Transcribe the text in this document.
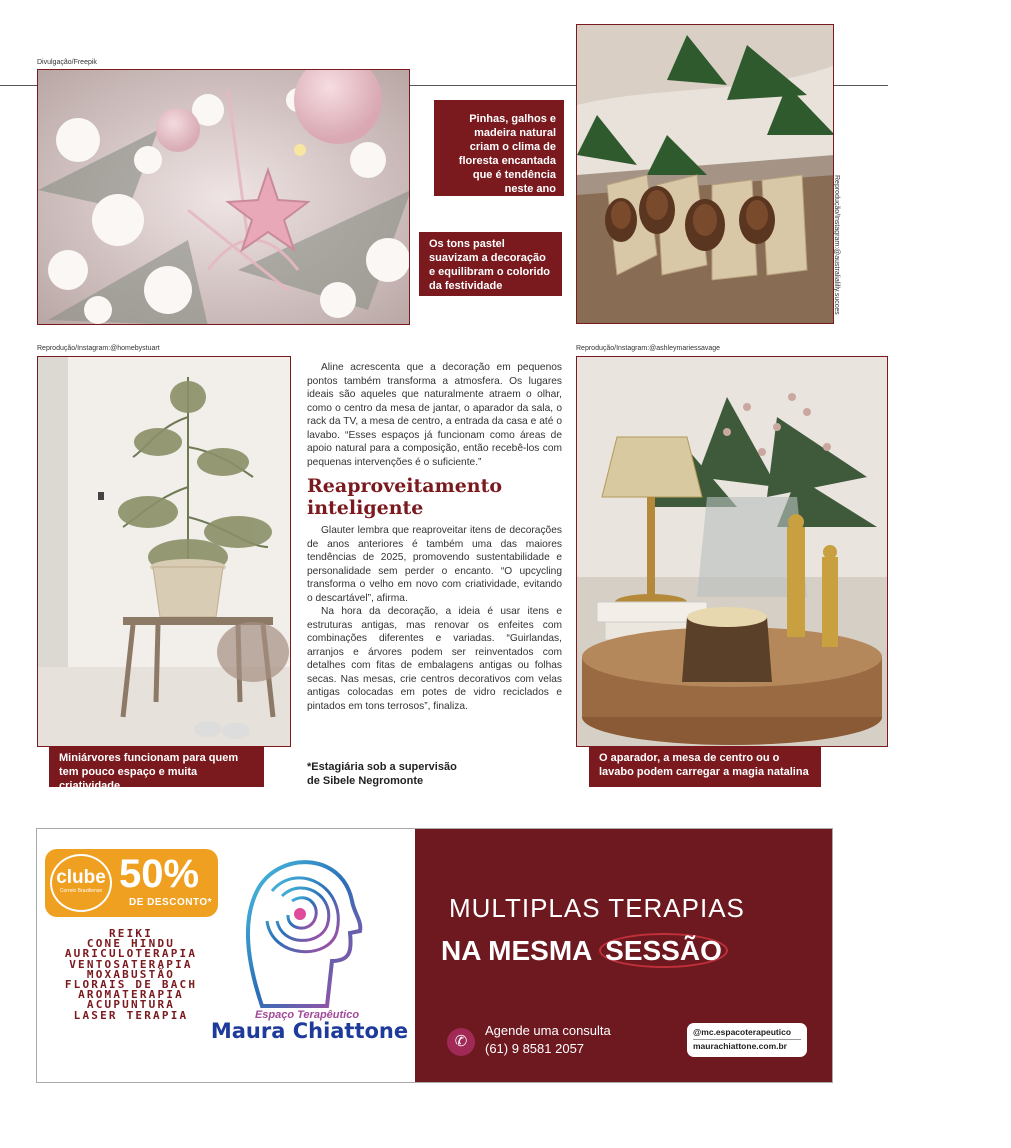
Divulgação/Freepik
Os tons pastel suavizam a decoração e equilibram o colorido da festividade
Pinhas, galhos e madeira natural criam o clima de floresta encantada que é tendência neste ano	Reprodução/Instagram:@australialilly.succes
Reprodução/Instagram:@homebystuart
Miniárvores funcionam para quem tem pouco espaço e muita criatividade

Aline acrescenta que a decoração em pequenos pontos também transforma a atmosfera. Os lugares ideais são aqueles que naturalmente atraem o olhar, como o centro da mesa de jantar, o aparador da sala, o rack da TV, a mesa de centro, a entrada da casa e até o lavabo. “Esses espaços já funcionam como áreas de apoio natural para a composição, então recebê-los com pequenas intervenções é o suficiente.”

Reaproveitamento inteligente

Glauter lembra que reaproveitar itens de decorações de anos anteriores é também uma das maiores tendências de 2025, promovendo sustentabilidade e personalidade sem perder o encanto. “O upcycling transforma o velho em novo com criatividade, evitando o descartável”, afirma.

Na hora da decoração, a ideia é usar itens e estruturas antigas, mas renovar os enfeites com combinações diferentes e variadas. “Guirlandas, arranjos e árvores podem ser reinventados com detalhes com fitas de embalagens antigas ou folhas secas. Nas mesas, crie centros decorativos com velas antigas colocadas em potes de vidro reciclados e pintados em tons terrosos”, finaliza.

*Estagiária sob a supervisão
de Sibele Negromonte
Reprodução/Instagram:@ashleymariessavage
O aparador, a mesa de centro ou o lavabo podem carregar a magia natalina
clube
Correio Braziliense 50%
DE DESCONTO*
REIKI
CONE HINDU
AURICULOTERAPIA
VENTOSATERAPIA
MOXABUSTÃO
FLORAIS DE BACH
AROMATERAPIA
ACUPUNTURA
LASER TERAPIA	Espaço Terapêutico
Maura Chiattone
MULTIPLAS TERAPIAS
NA MESMA SESSÃO
✆
Agende uma consulta
(61) 9 8581 2057
@mc.espacoterapeutico
maurachiattone.com.br
